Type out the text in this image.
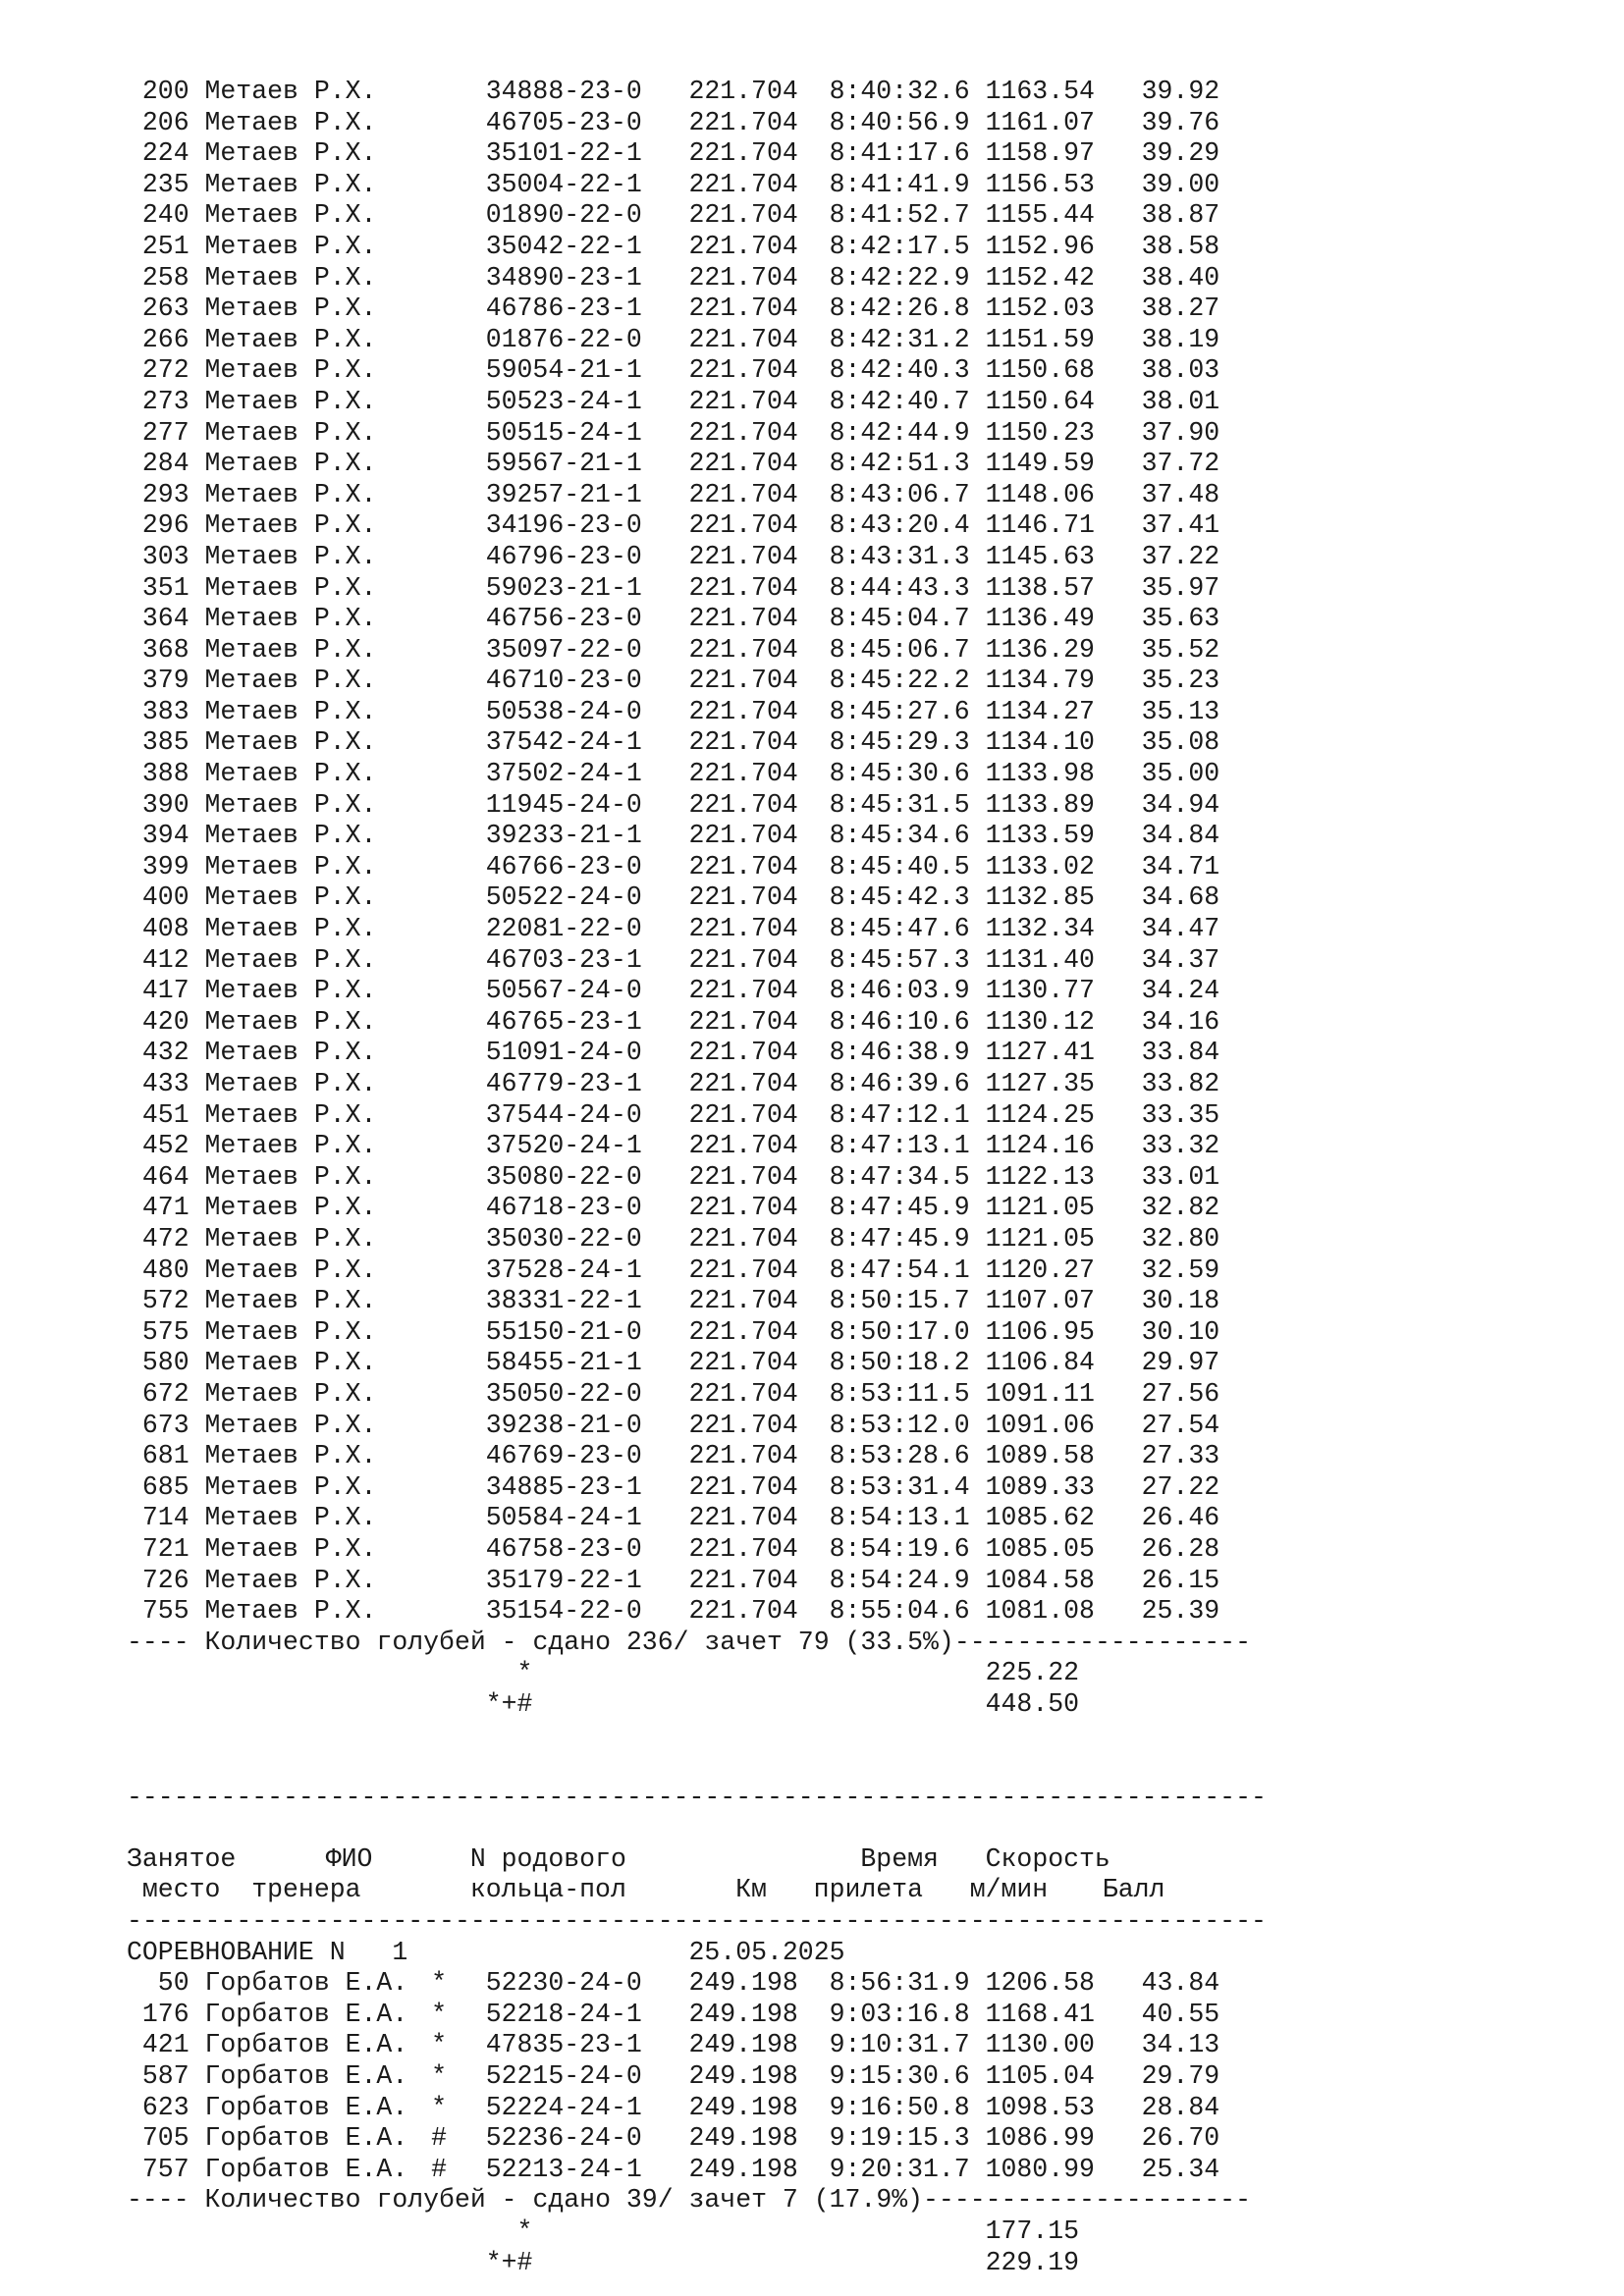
200 Метаев Р.Х.	34888-23-0 221.704 8:40:32.6 1163.54 39.92
206 Метаев Р.Х.	46705-23-0 221.704 8:40:56.9 1161.07 39.76
224 Метаев Р.Х.	35101-22-1 221.704 8:41:17.6 1158.97 39.29
235 Метаев Р.Х.	35004-22-1 221.704 8:41:41.9 1156.53 39.00
240 Метаев Р.Х.	01890-22-0 221.704 8:41:52.7 1155.44 38.87
251 Метаев Р.Х.	35042-22-1 221.704 8:42:17.5 1152.96 38.58
258 Метаев Р.Х.	34890-23-1 221.704 8:42:22.9 1152.42 38.40
263 Метаев Р.Х.	46786-23-1 221.704 8:42:26.8 1152.03 38.27
266 Метаев Р.Х.	01876-22-0 221.704 8:42:31.2 1151.59 38.19
272 Метаев Р.Х.	59054-21-1 221.704 8:42:40.3 1150.68 38.03
273 Метаев Р.Х.	50523-24-1 221.704 8:42:40.7 1150.64 38.01
277 Метаев Р.Х.	50515-24-1 221.704 8:42:44.9 1150.23 37.90
284 Метаев Р.Х.	59567-21-1 221.704 8:42:51.3 1149.59 37.72
293 Метаев Р.Х.	39257-21-1 221.704 8:43:06.7 1148.06 37.48
296 Метаев Р.Х.	34196-23-0 221.704 8:43:20.4 1146.71 37.41
303 Метаев Р.Х.	46796-23-0 221.704 8:43:31.3 1145.63 37.22
351 Метаев Р.Х.	59023-21-1 221.704 8:44:43.3 1138.57 35.97
364 Метаев Р.Х.	46756-23-0 221.704 8:45:04.7 1136.49 35.63
368 Метаев Р.Х.	35097-22-0 221.704 8:45:06.7 1136.29 35.52
379 Метаев Р.Х.	46710-23-0 221.704 8:45:22.2 1134.79 35.23
383 Метаев Р.Х.	50538-24-0 221.704 8:45:27.6 1134.27 35.13
385 Метаев Р.Х.	37542-24-1 221.704 8:45:29.3 1134.10 35.08
388 Метаев Р.Х.	37502-24-1 221.704 8:45:30.6 1133.98 35.00
390 Метаев Р.Х.	11945-24-0 221.704 8:45:31.5 1133.89 34.94
394 Метаев Р.Х.	39233-21-1 221.704 8:45:34.6 1133.59 34.84
399 Метаев Р.Х.	46766-23-0 221.704 8:45:40.5 1133.02 34.71
400 Метаев Р.Х.	50522-24-0 221.704 8:45:42.3 1132.85 34.68
408 Метаев Р.Х.	22081-22-0 221.704 8:45:47.6 1132.34 34.47
412 Метаев Р.Х.	46703-23-1 221.704 8:45:57.3 1131.40 34.37
417 Метаев Р.Х.	50567-24-0 221.704 8:46:03.9 1130.77 34.24
420 Метаев Р.Х.	46765-23-1 221.704 8:46:10.6 1130.12 34.16
432 Метаев Р.Х.	51091-24-0 221.704 8:46:38.9 1127.41 33.84
433 Метаев Р.Х.	46779-23-1 221.704 8:46:39.6 1127.35 33.82
451 Метаев Р.Х.	37544-24-0 221.704 8:47:12.1 1124.25 33.35
452 Метаев Р.Х.	37520-24-1 221.704 8:47:13.1 1124.16 33.32
464 Метаев Р.Х.	35080-22-0 221.704 8:47:34.5 1122.13 33.01
471 Метаев Р.Х.	46718-23-0 221.704 8:47:45.9 1121.05 32.82
472 Метаев Р.Х.	35030-22-0 221.704 8:47:45.9 1121.05 32.80
480 Метаев Р.Х.	37528-24-1 221.704 8:47:54.1 1120.27 32.59
572 Метаев Р.Х.	38331-22-1 221.704 8:50:15.7 1107.07 30.18
575 Метаев Р.Х.	55150-21-0 221.704 8:50:17.0 1106.95 30.10
580 Метаев Р.Х.	58455-21-1 221.704 8:50:18.2 1106.84 29.97
672 Метаев Р.Х.	35050-22-0 221.704 8:53:11.5 1091.11 27.56
673 Метаев Р.Х.	39238-21-0 221.704 8:53:12.0 1091.06 27.54
681 Метаев Р.Х.	46769-23-0 221.704 8:53:28.6 1089.58 27.33
685 Метаев Р.Х.	34885-23-1 221.704 8:53:31.4 1089.33 27.22
714 Метаев Р.Х.	50584-24-1 221.704 8:54:13.1 1085.62 26.46
721 Метаев Р.Х.	46758-23-0 221.704 8:54:19.6 1085.05 26.28
726 Метаев Р.Х.	35179-22-1 221.704 8:54:24.9 1084.58 26.15
755 Метаев Р.Х.	35154-22-0 221.704 8:55:04.6 1081.08 25.39
---- Количество голубей - сдано 236/ зачет 79 (33.5%)-------------------
*	225.22
*+#	448.50

-------------------------------------------------------------------------

Занятое	ФИО	N родового	Время Скорость
место тренера	кольца-пол	Км прилета м/мин Балл
-------------------------------------------------------------------------
СОРЕВНОВАНИЕ N   1	25.05.2025
50 Горбатов Е.А. * 52230-24-0 249.198 8:56:31.9 1206.58 43.84
176 Горбатов Е.А. * 52218-24-1 249.198 9:03:16.8 1168.41 40.55
421 Горбатов Е.А. * 47835-23-1 249.198 9:10:31.7 1130.00 34.13
587 Горбатов Е.А. * 52215-24-0 249.198 9:15:30.6 1105.04 29.79
623 Горбатов Е.А. * 52224-24-1 249.198 9:16:50.8 1098.53 28.84
705 Горбатов Е.А. # 52236-24-0 249.198 9:19:15.3 1086.99 26.70
757 Горбатов Е.А. # 52213-24-1 249.198 9:20:31.7 1080.99 25.34
---- Количество голубей - сдано 39/ зачет 7 (17.9%)---------------------
*	177.15
*+#	229.19
